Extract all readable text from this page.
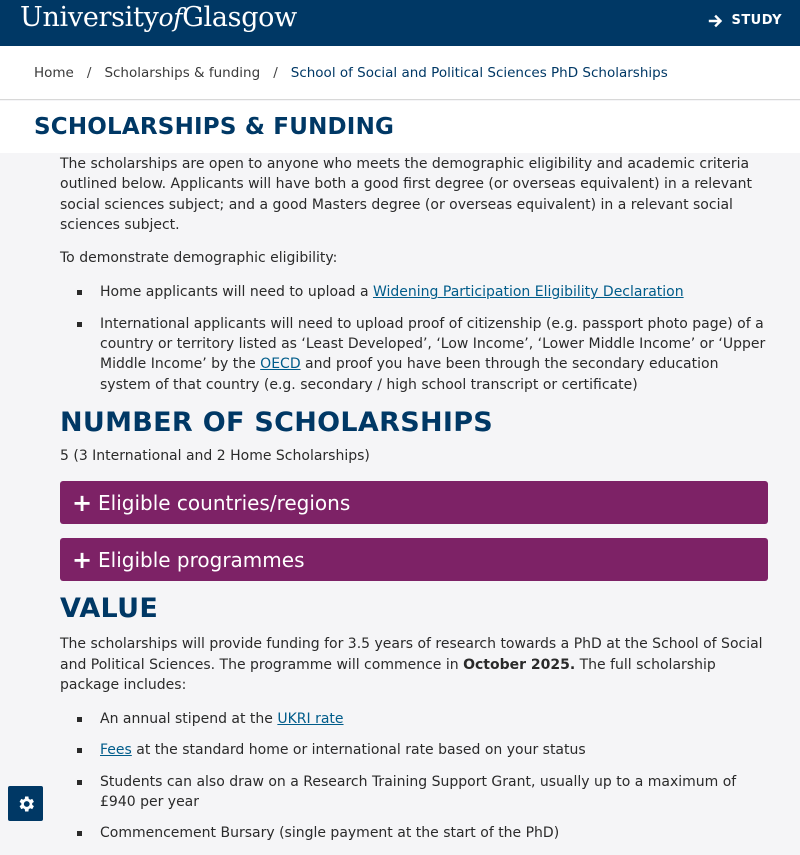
UniversityofGlasgow	STUDY
Home / Scholarships & funding / School of Social and Political Sciences PhD Scholarships
SCHOLARSHIPS & FUNDING

The scholarships are open to anyone who meets the demographic eligibility and academic criteria outlined below. Applicants will have both a good first degree (or overseas equivalent) in a relevant social sciences subject; and a good Masters degree (or overseas equivalent) in a relevant social sciences subject.

To demonstrate demographic eligibility:

Home applicants will need to upload a Widening Participation Eligibility Declaration
International applicants will need to upload proof of citizenship (e.g. passport photo page) of a country or territory listed as ‘Least Developed’, ‘Low Income’, ‘Lower Middle Income’ or ‘Upper Middle Income’ by the OECD and proof you have been through the secondary education system of that country (e.g. secondary / high school transcript or certificate)
NUMBER OF SCHOLARSHIPS

5 (3 International and 2 Home Scholarships)

+ Eligible countries/regions
+ Eligible programmes
VALUE

The scholarships will provide funding for 3.5 years of research towards a PhD at the School of Social and Political Sciences. The programme will commence in October 2025. The full scholarship package includes:

An annual stipend at the UKRI rate
Fees at the standard home or international rate based on your status
Students can also draw on a Research Training Support Grant, usually up to a maximum of £940 per year
Commencement Bursary (single payment at the start of the PhD)
